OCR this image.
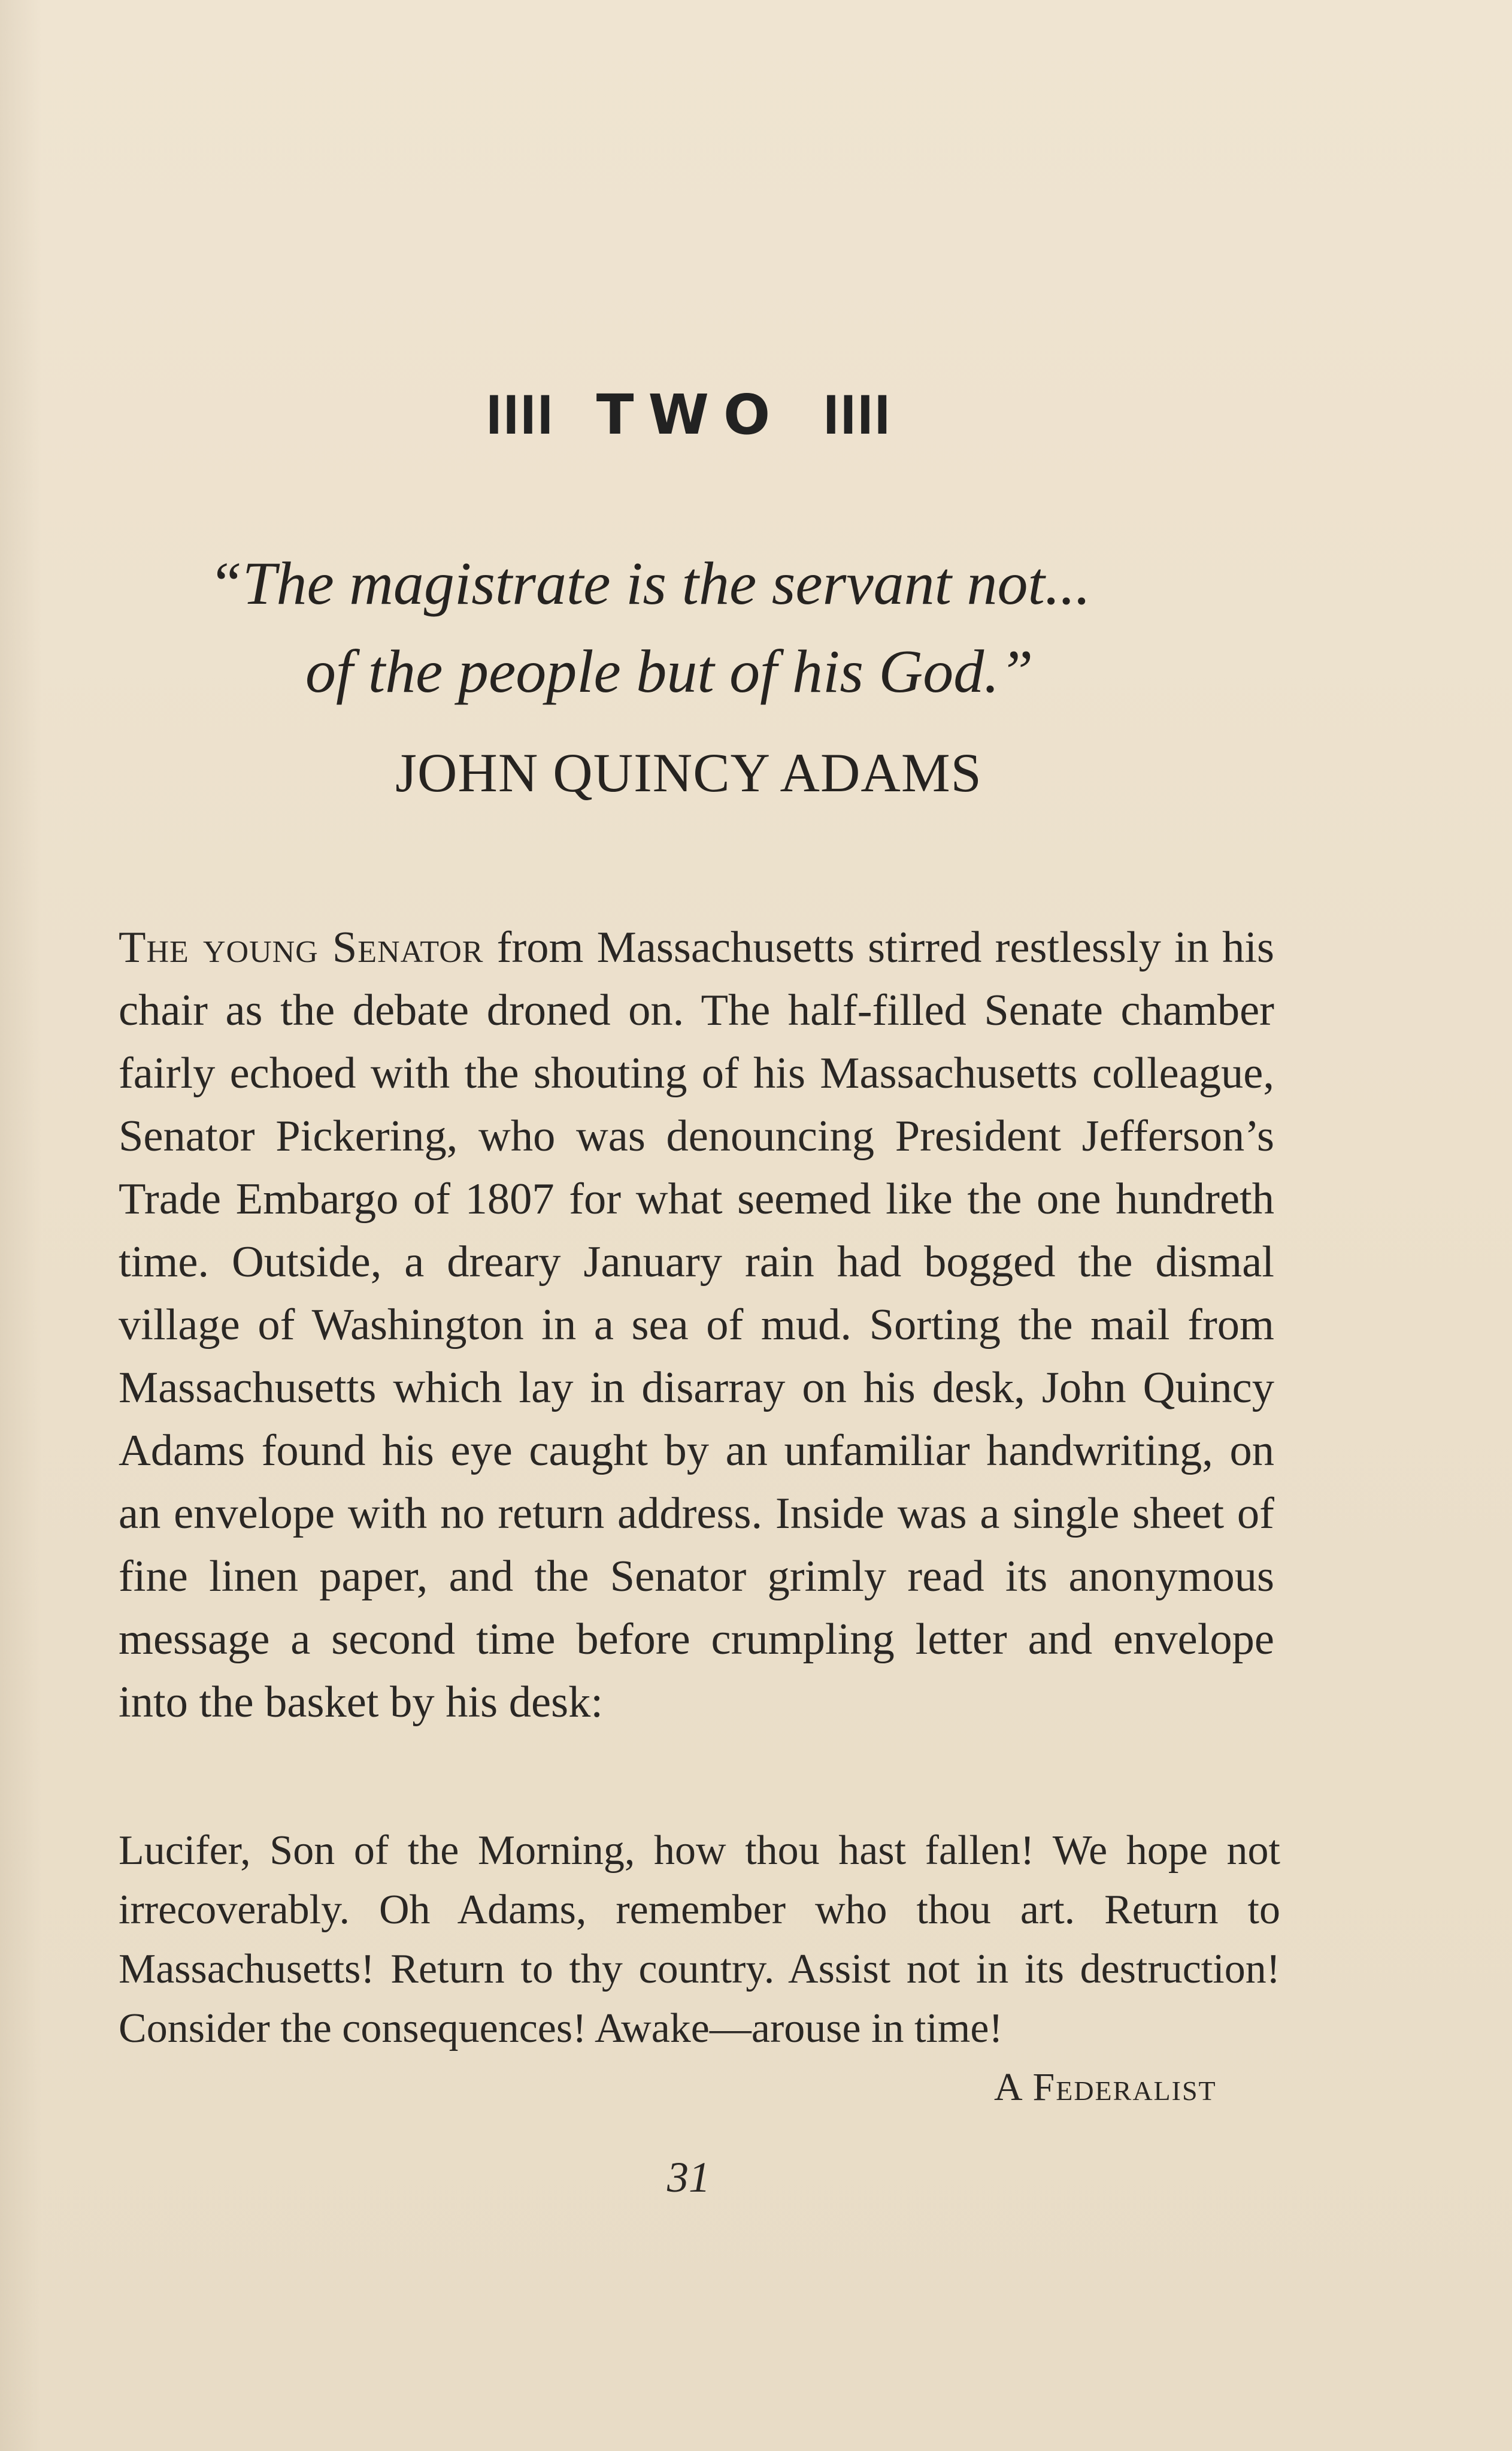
IIII TWO IIII
“The magistrate is the servant not...
of the people but of his God.”
JOHN QUINCY ADAMS
The young Senator from Massachusetts stirred restlessly in his chair as the debate droned on. The half-filled Senate chamber fairly echoed with the shouting of his Massachusetts colleague, Senator Pickering, who was denouncing President Jefferson’s Trade Embargo of 1807 for what seemed like the one hundreth time. Outside, a dreary January rain had bogged the dismal village of Washington in a sea of mud. Sorting the mail from Massachusetts which lay in disarray on his desk, John Quincy Adams found his eye caught by an unfamiliar handwriting, on an envelope with no return address. Inside was a single sheet of fine linen paper, and the Senator grimly read its anonymous message a second time before crumpling letter and envelope into the basket by his desk:
Lucifer, Son of the Morning, how thou hast fallen! We hope not irrecoverably. Oh Adams, remember who thou art. Return to Massachusetts! Return to thy country. Assist not in its destruction! Consider the consequences! Awake—arouse in time!
A Federalist
31
